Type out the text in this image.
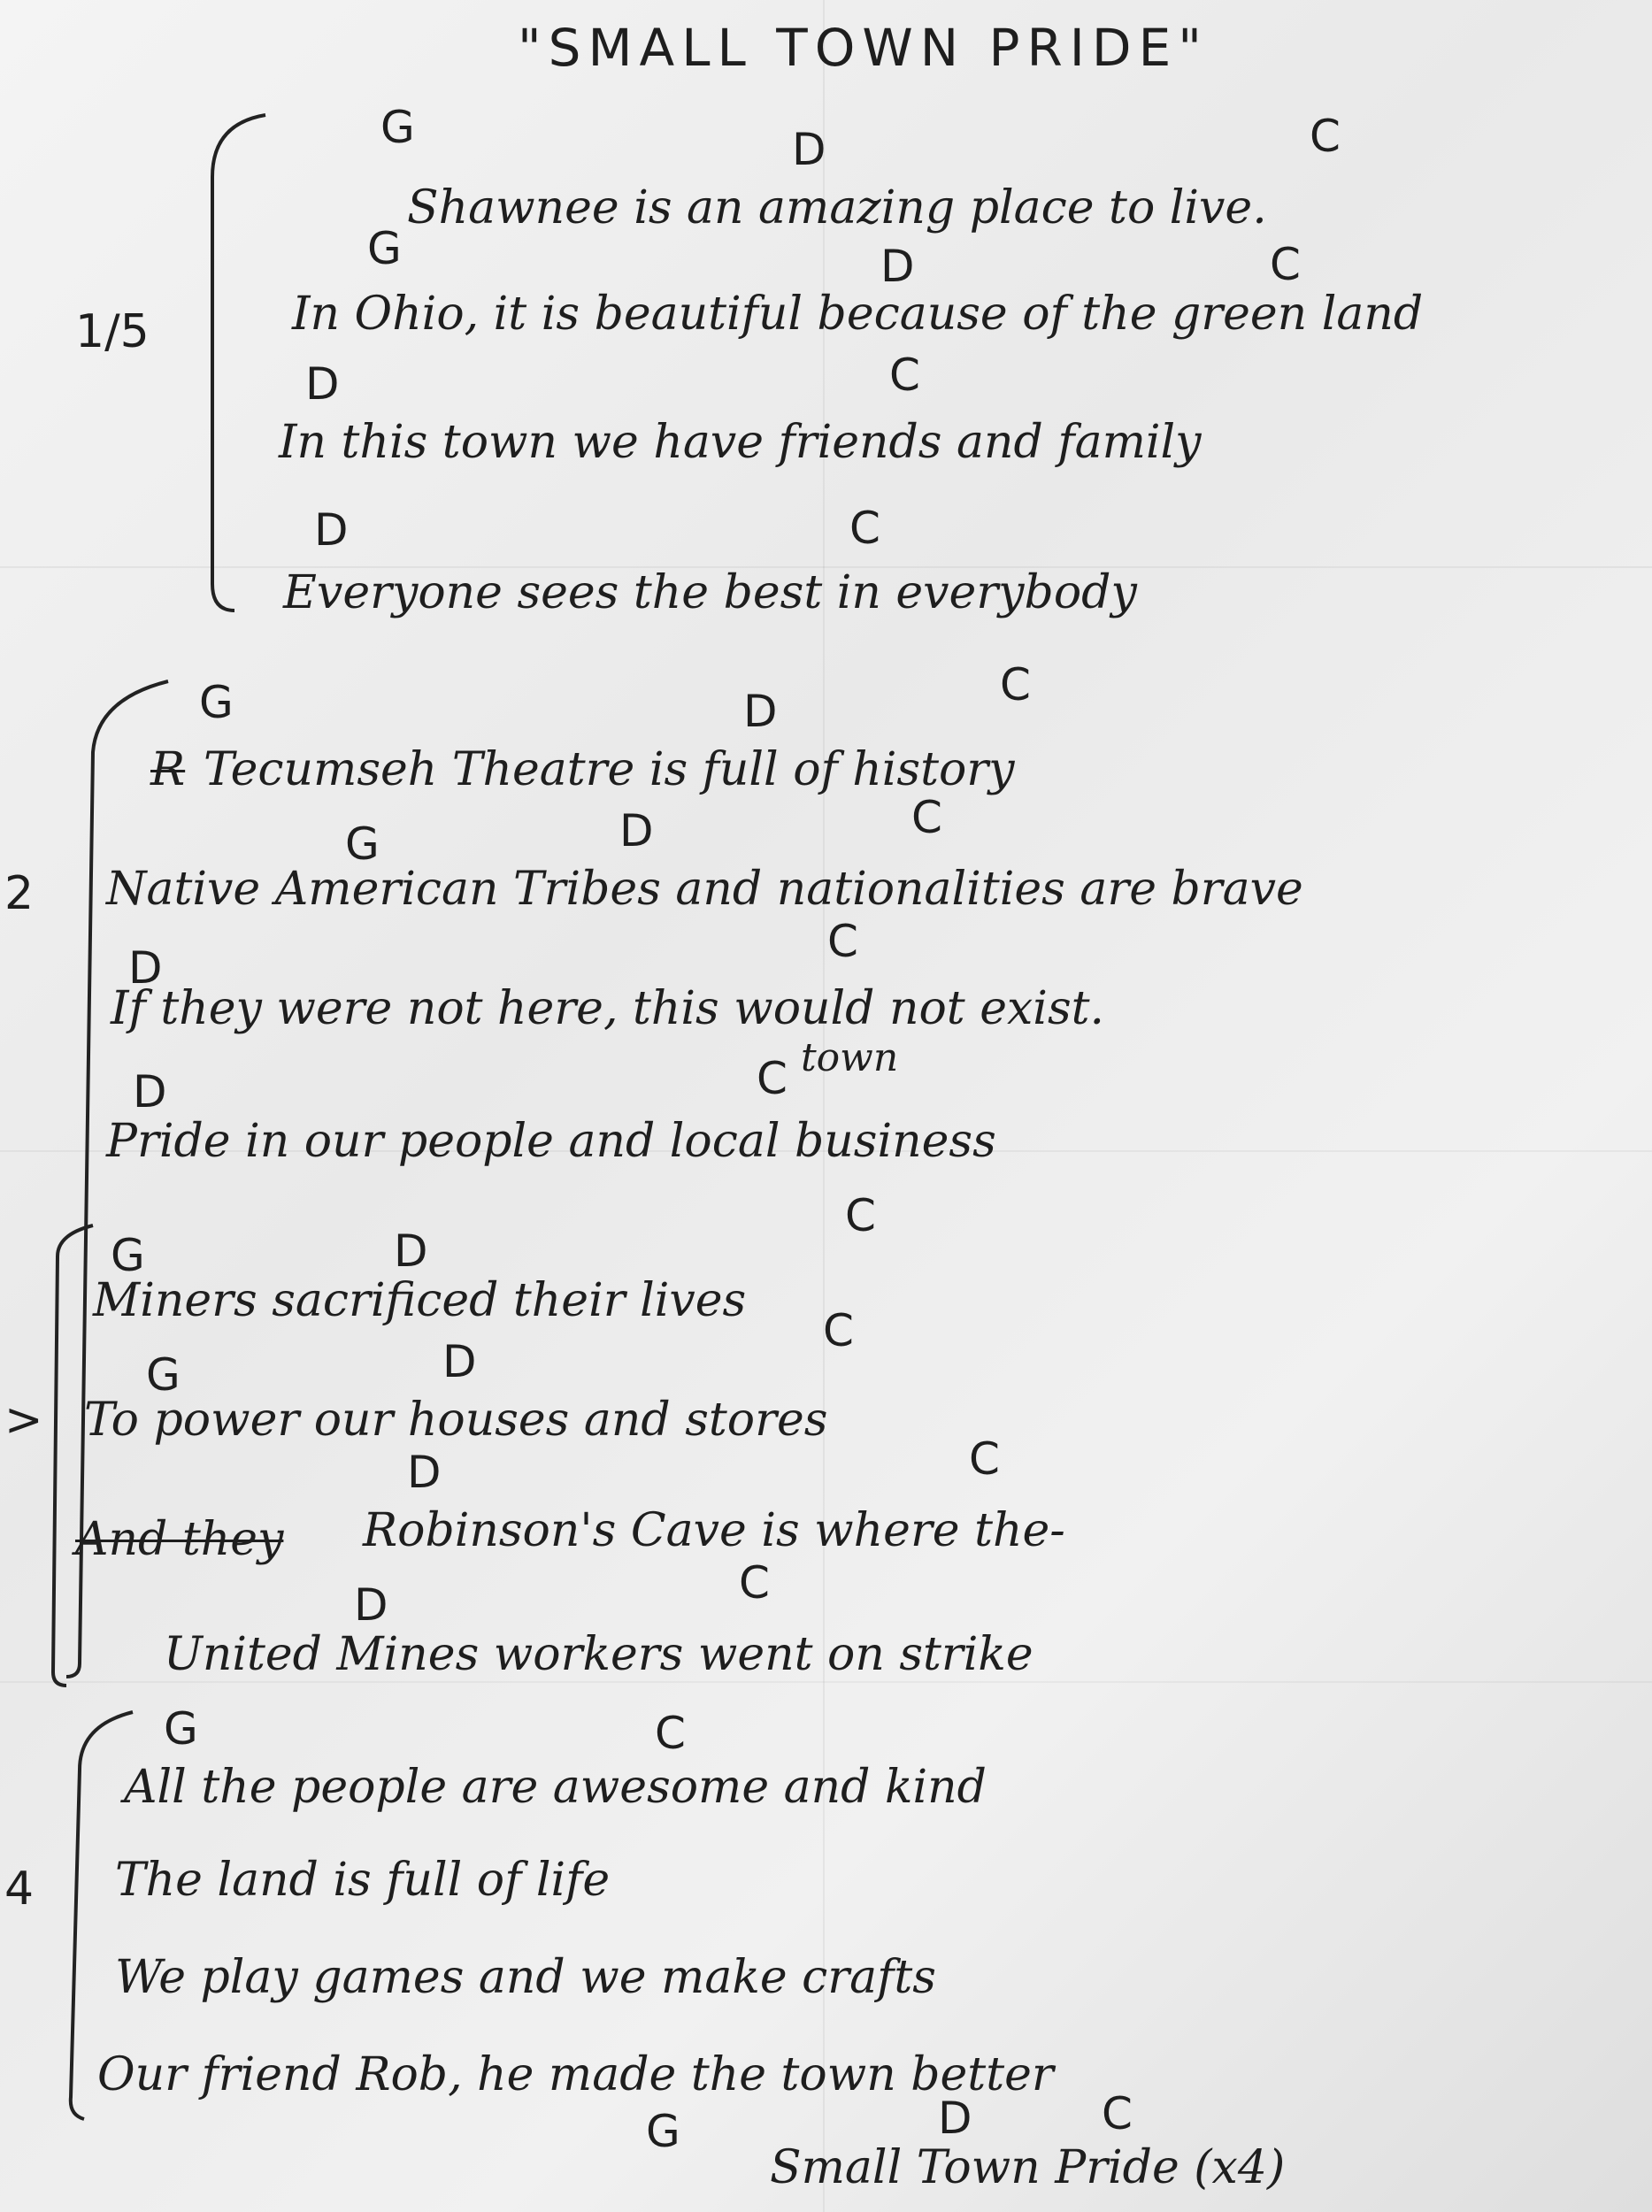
"SMALL TOWN PRIDE"
1/5
G	D	C
G	D	C
D	C
D	C
Shawnee is an amazing place to live.
In Ohio, it is beautiful because of the green land
In this town we have friends and family
Everyone sees the best in everybody
2
G	D
C
G	D	C
D
C
D	C
R Tecumseh Theatre is full of history
Native American Tribes and nationalities are brave
If they were not here, this would not exist.
town
Pride in our people and local business
>
G	D
C
G	D
C
D	C
D	C
Miners sacrificed their lives
To power our houses and stores
And they Robinson's Cave is where the-
United Mines workers went on strike
4
G	C
All the people are awesome and kind
The land is full of life
We play games and we make crafts
Our friend Rob, he made the town better
G	D	C
Small Town Pride (x4)
